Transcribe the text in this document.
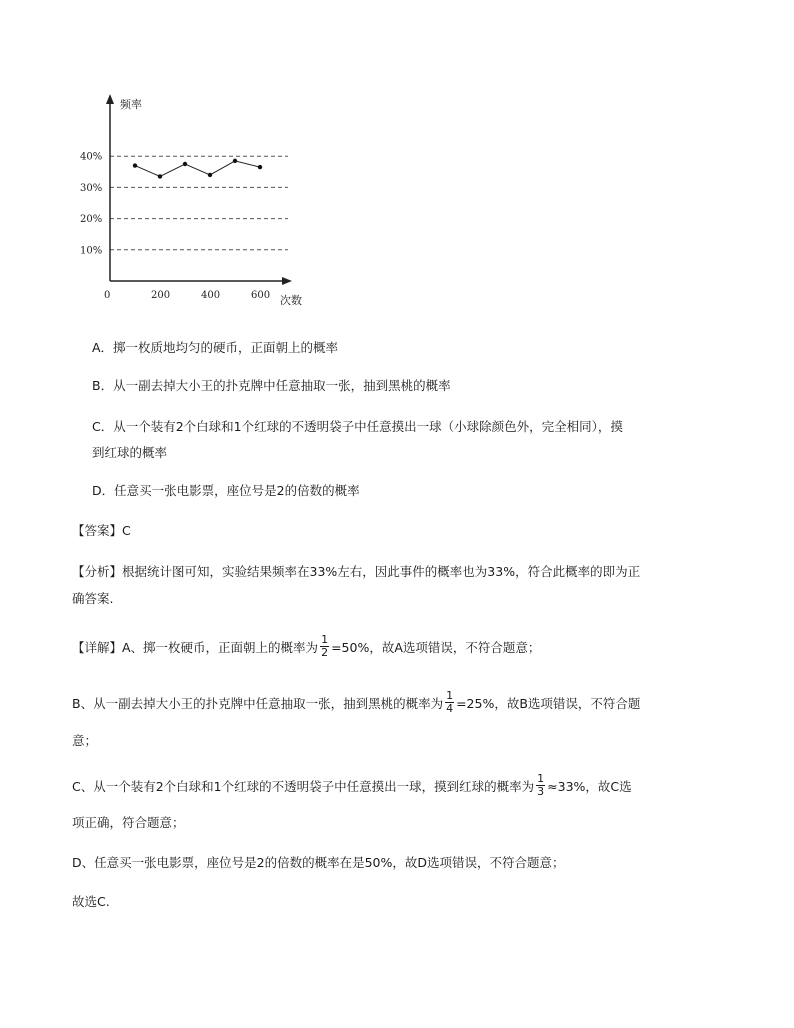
频率
次数
0
10%
20%
30%
40%
200	400	600
A．掷一枚质地均匀的硬币，正面朝上的概率
B．从一副去掉大小王的扑克牌中任意抽取一张，抽到黑桃的概率
C．从一个装有2个白球和1个红球的不透明袋子中任意摸出一球（小球除颜色外，完全相同），摸
到红球的概率
D．任意买一张电影票，座位号是2的倍数的概率
【答案】C
【分析】根据统计图可知，实验结果频率在33%左右，因此事件的概率也为33%，符合此概率的即为正
确答案.
【详解】A、掷一枚硬币，正面朝上的概率为 $\frac{1}{2} =50\%$，故A选项错误，不符合题意；
B、从一副去掉大小王的扑克牌中任意抽取一张，抽到黑桃的概率为 $\frac{1}{4} =25\%$，故B选项错误，不符合题
意；
C、从一个装有2个白球和1个红球的不透明袋子中任意摸出一球，摸到红球的概率为 $\frac{1}{3} \approx 33\%$，故C选
项正确，符合题意；
D、任意买一张电影票，座位号是2的倍数的概率在是50%，故D选项错误，不符合题意；
故选C.
